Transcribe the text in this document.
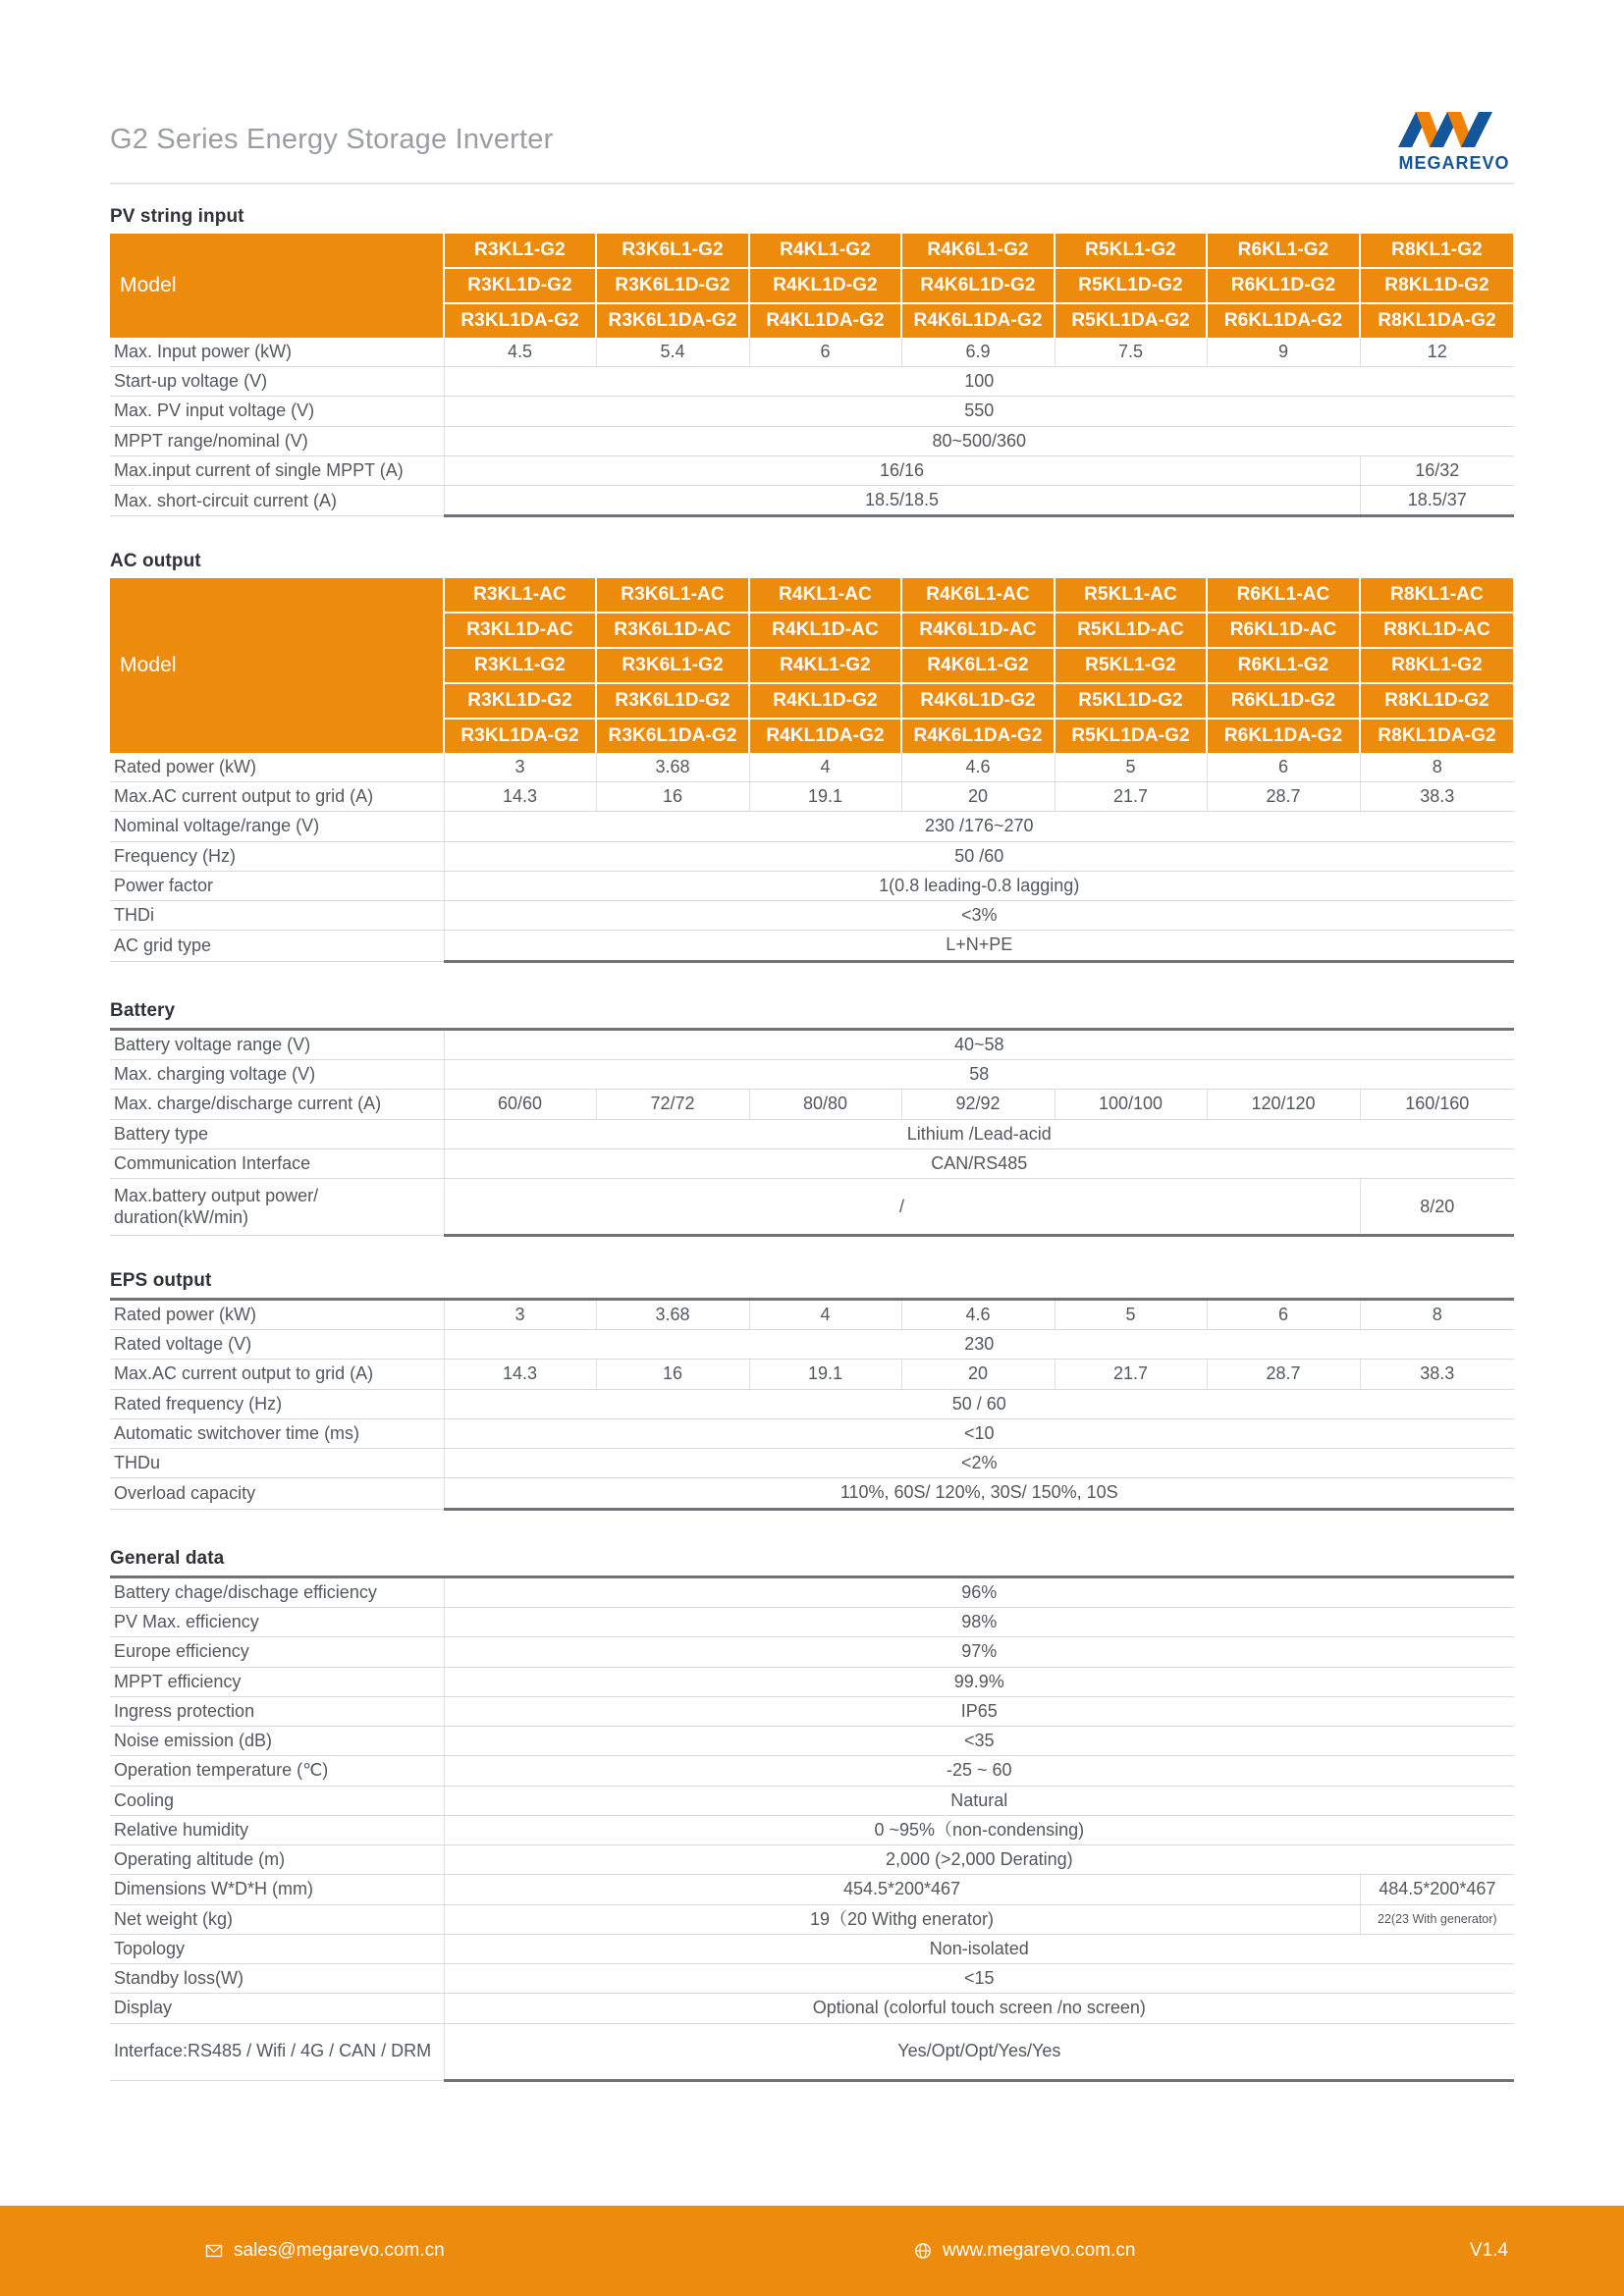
G2 Series Energy Storage Inverter
MEGAREVO
PV string input
Model	R3KL1-G2	R3K6L1-G2	R4KL1-G2	R4K6L1-G2	R5KL1-G2	R6KL1-G2	R8KL1-G2
	R3KL1D-G2	R3K6L1D-G2	R4KL1D-G2	R4K6L1D-G2	R5KL1D-G2	R6KL1D-G2	R8KL1D-G2
	R3KL1DA-G2	R3K6L1DA-G2	R4KL1DA-G2	R4K6L1DA-G2	R5KL1DA-G2	R6KL1DA-G2	R8KL1DA-G2
Max. Input power (kW)	4.5	5.4	6	6.9	7.5	9	12
Start-up voltage (V)	100						
Max. PV input voltage (V)	550						
MPPT range/nominal (V)	80~500/360						
Max.input current of single MPPT (A)	16/16						16/32
Max. short-circuit current (A)	18.5/18.5						18.5/37
AC output
Model	R3KL1-AC	R3K6L1-AC	R4KL1-AC	R4K6L1-AC	R5KL1-AC	R6KL1-AC	R8KL1-AC
	R3KL1D-AC	R3K6L1D-AC	R4KL1D-AC	R4K6L1D-AC	R5KL1D-AC	R6KL1D-AC	R8KL1D-AC
	R3KL1-G2	R3K6L1-G2	R4KL1-G2	R4K6L1-G2	R5KL1-G2	R6KL1-G2	R8KL1-G2
	R3KL1D-G2	R3K6L1D-G2	R4KL1D-G2	R4K6L1D-G2	R5KL1D-G2	R6KL1D-G2	R8KL1D-G2
	R3KL1DA-G2	R3K6L1DA-G2	R4KL1DA-G2	R4K6L1DA-G2	R5KL1DA-G2	R6KL1DA-G2	R8KL1DA-G2
Rated power (kW)	3	3.68	4	4.6	5	6	8
Max.AC current output to grid (A)	14.3	16	19.1	20	21.7	28.7	38.3
Nominal voltage/range (V)	230 /176~270						
Frequency (Hz)	50 /60						
Power factor	1(0.8 leading-0.8 lagging)						
THDi	<3%						
AC grid type	L+N+PE						
Battery
Battery voltage range (V)	40~58						
Max. charging voltage (V)	58						
Max. charge/discharge current (A)	60/60	72/72	80/80	92/92	100/100	120/120	160/160
Battery type	Lithium /Lead-acid						
Communication Interface	CAN/RS485						
Max.battery output power/ duration(kW/min)	/						8/20
EPS output
Rated power (kW)	3	3.68	4	4.6	5	6	8
Rated voltage (V)	230						
Max.AC current output to grid (A)	14.3	16	19.1	20	21.7	28.7	38.3
Rated frequency (Hz)	50 / 60						
Automatic switchover time (ms)	<10						
THDu	<2%						
Overload capacity	110%, 60S/ 120%, 30S/ 150%, 10S						
General data
Battery chage/dischage efficiency	96%	
PV Max. efficiency	98%	
Europe efficiency	97%	
MPPT efficiency	99.9%	
Ingress protection	IP65	
Noise emission (dB)	<35	
Operation temperature (℃)	-25 ~ 60	
Cooling	Natural	
Relative humidity	0 ~95%（non-condensing)	
Operating altitude (m)	2,000 (>2,000 Derating)	
Dimensions W*D*H (mm)	454.5*200*467	484.5*200*467
Net weight (kg)	19（20 Withg enerator)	22(23 With generator)
Topology	Non-isolated	
Standby loss(W)	<15	
Display	Optional (colorful touch screen /no screen)	
Interface:RS485 / Wifi / 4G / CAN / DRM	Yes/Opt/Opt/Yes/Yes	
sales@megarevo.com.cn	www.megarevo.com.cn	V1.4
